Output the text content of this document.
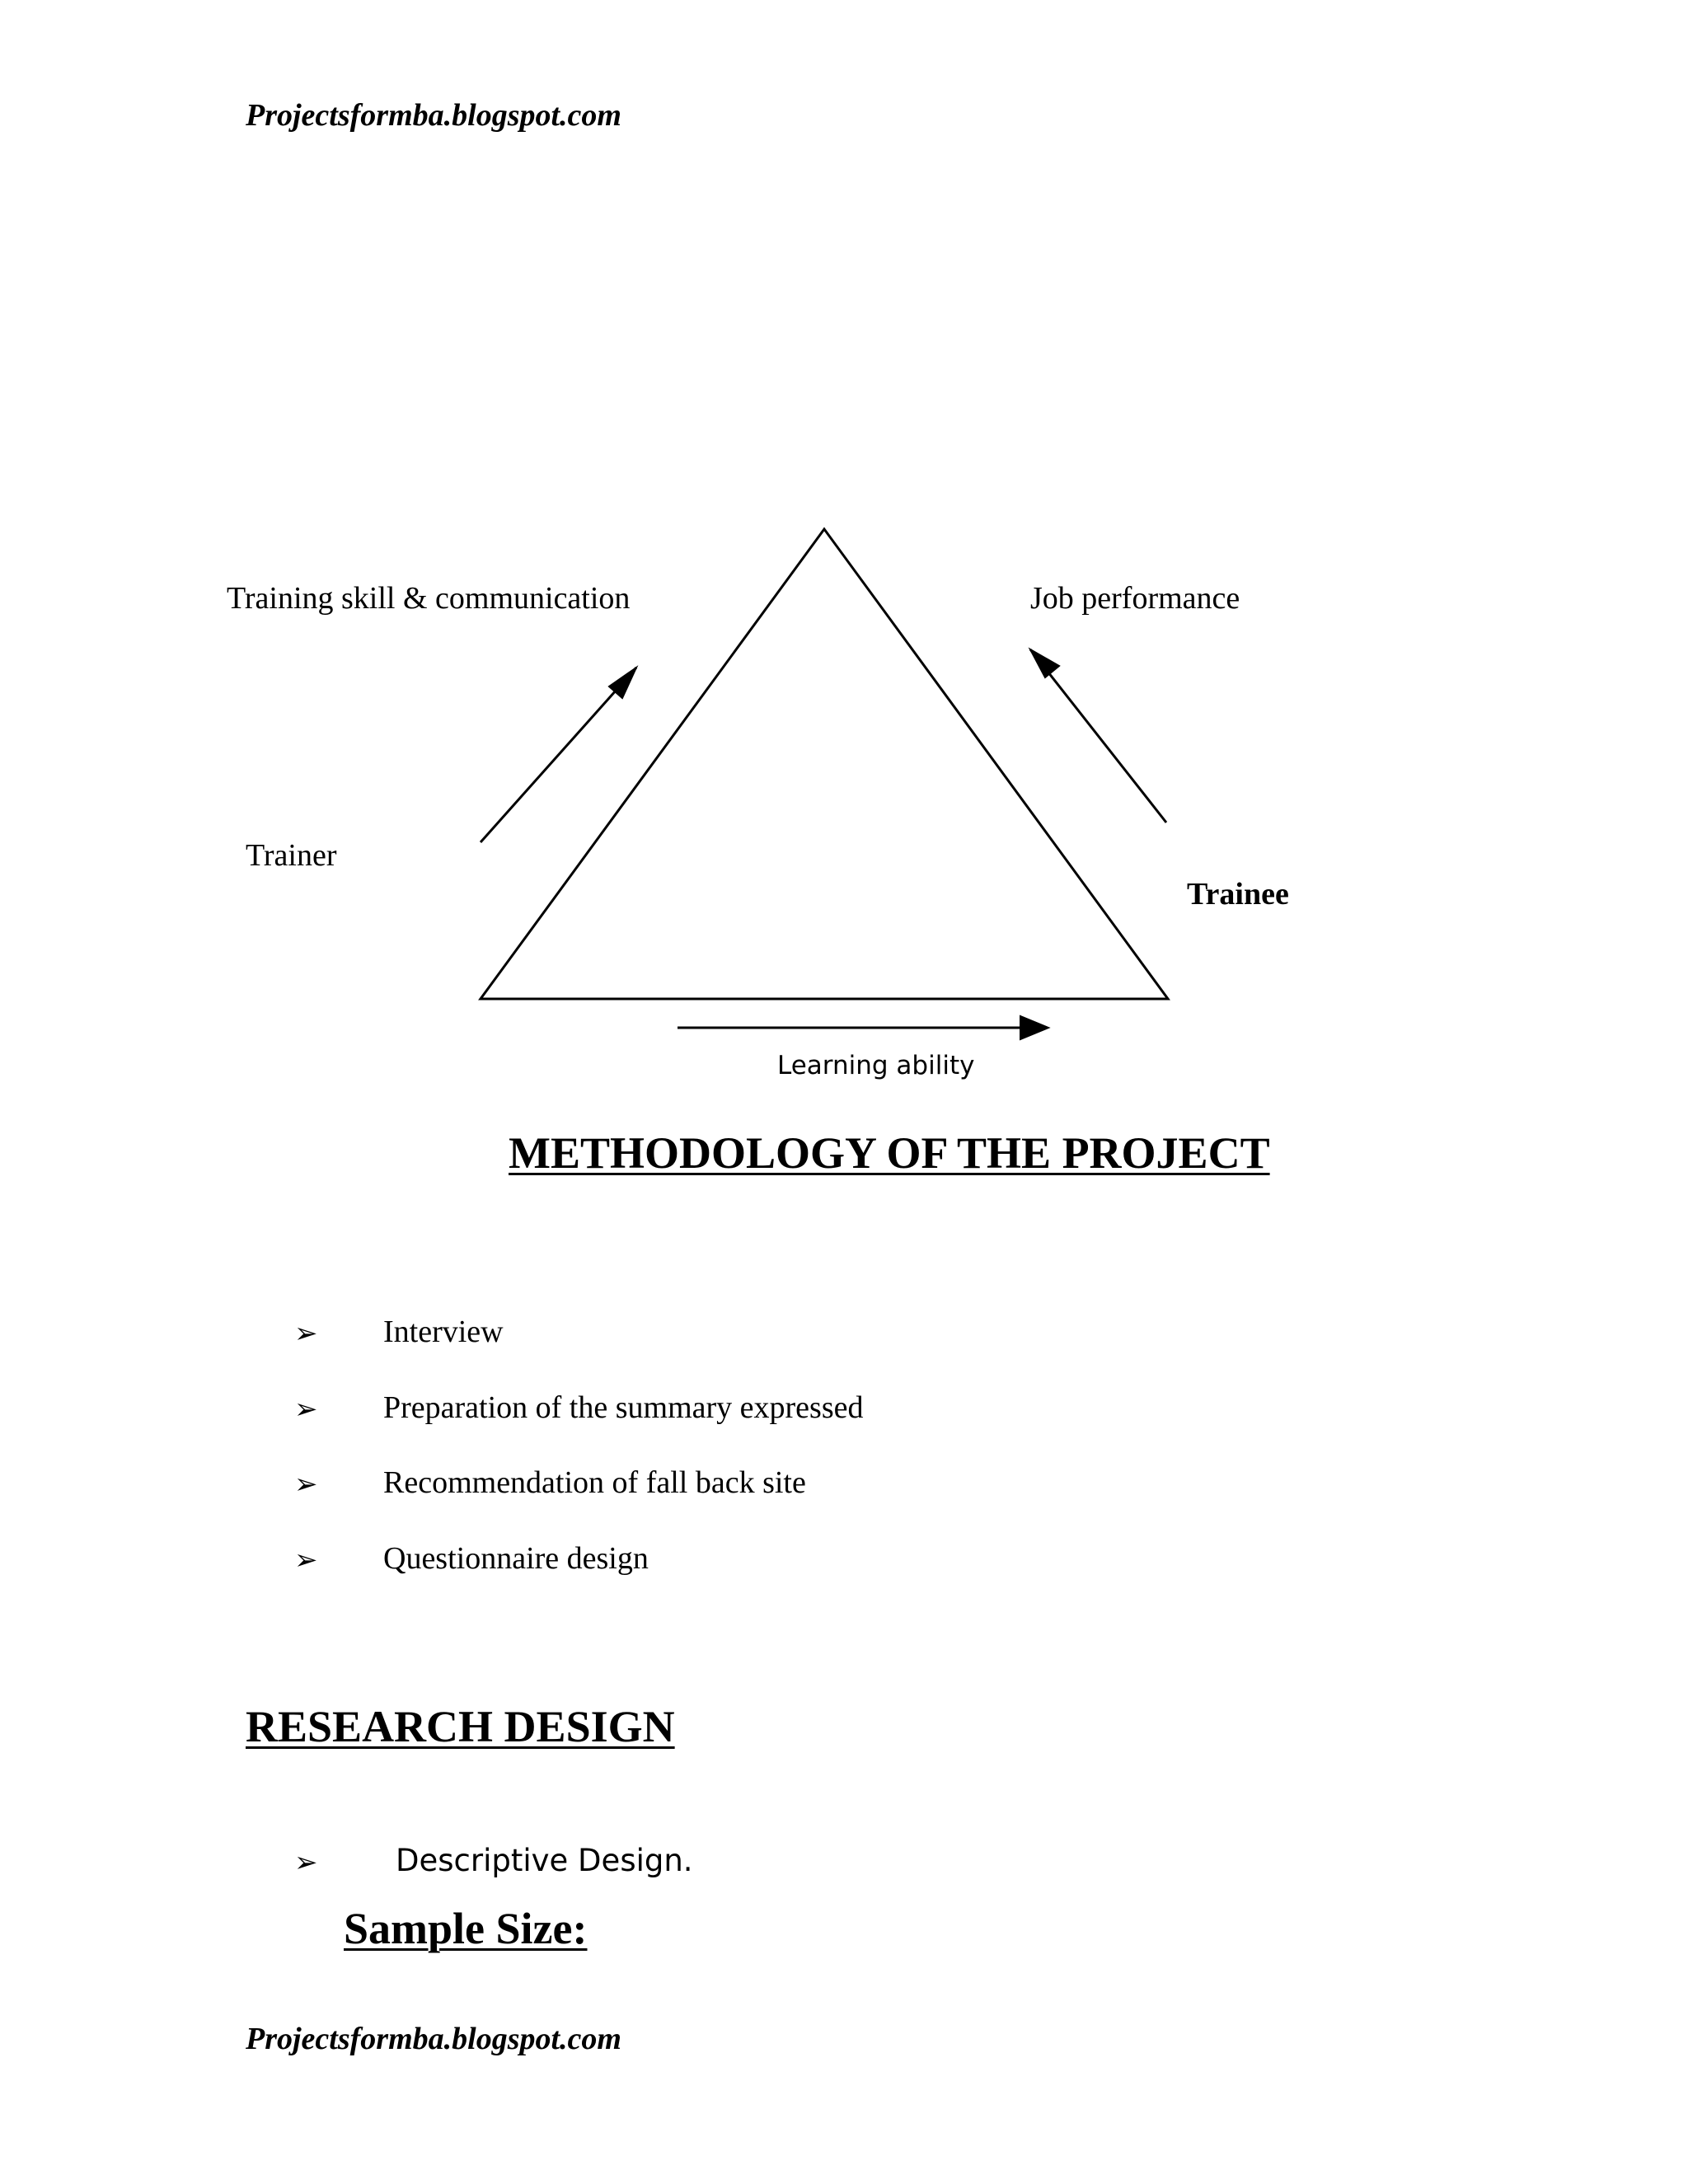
Projectsformba.blogspot.com
Training skill & communication	Job performance
Trainer
Trainee
Learning ability
METHODOLOGY OF THE PROJECT
➢ Interview
➢ Preparation of the summary expressed
➢ Recommendation of fall back site
➢ Questionnaire design
RESEARCH DESIGN
➢	Descriptive Design.
Sample Size:
Projectsformba.blogspot.com
